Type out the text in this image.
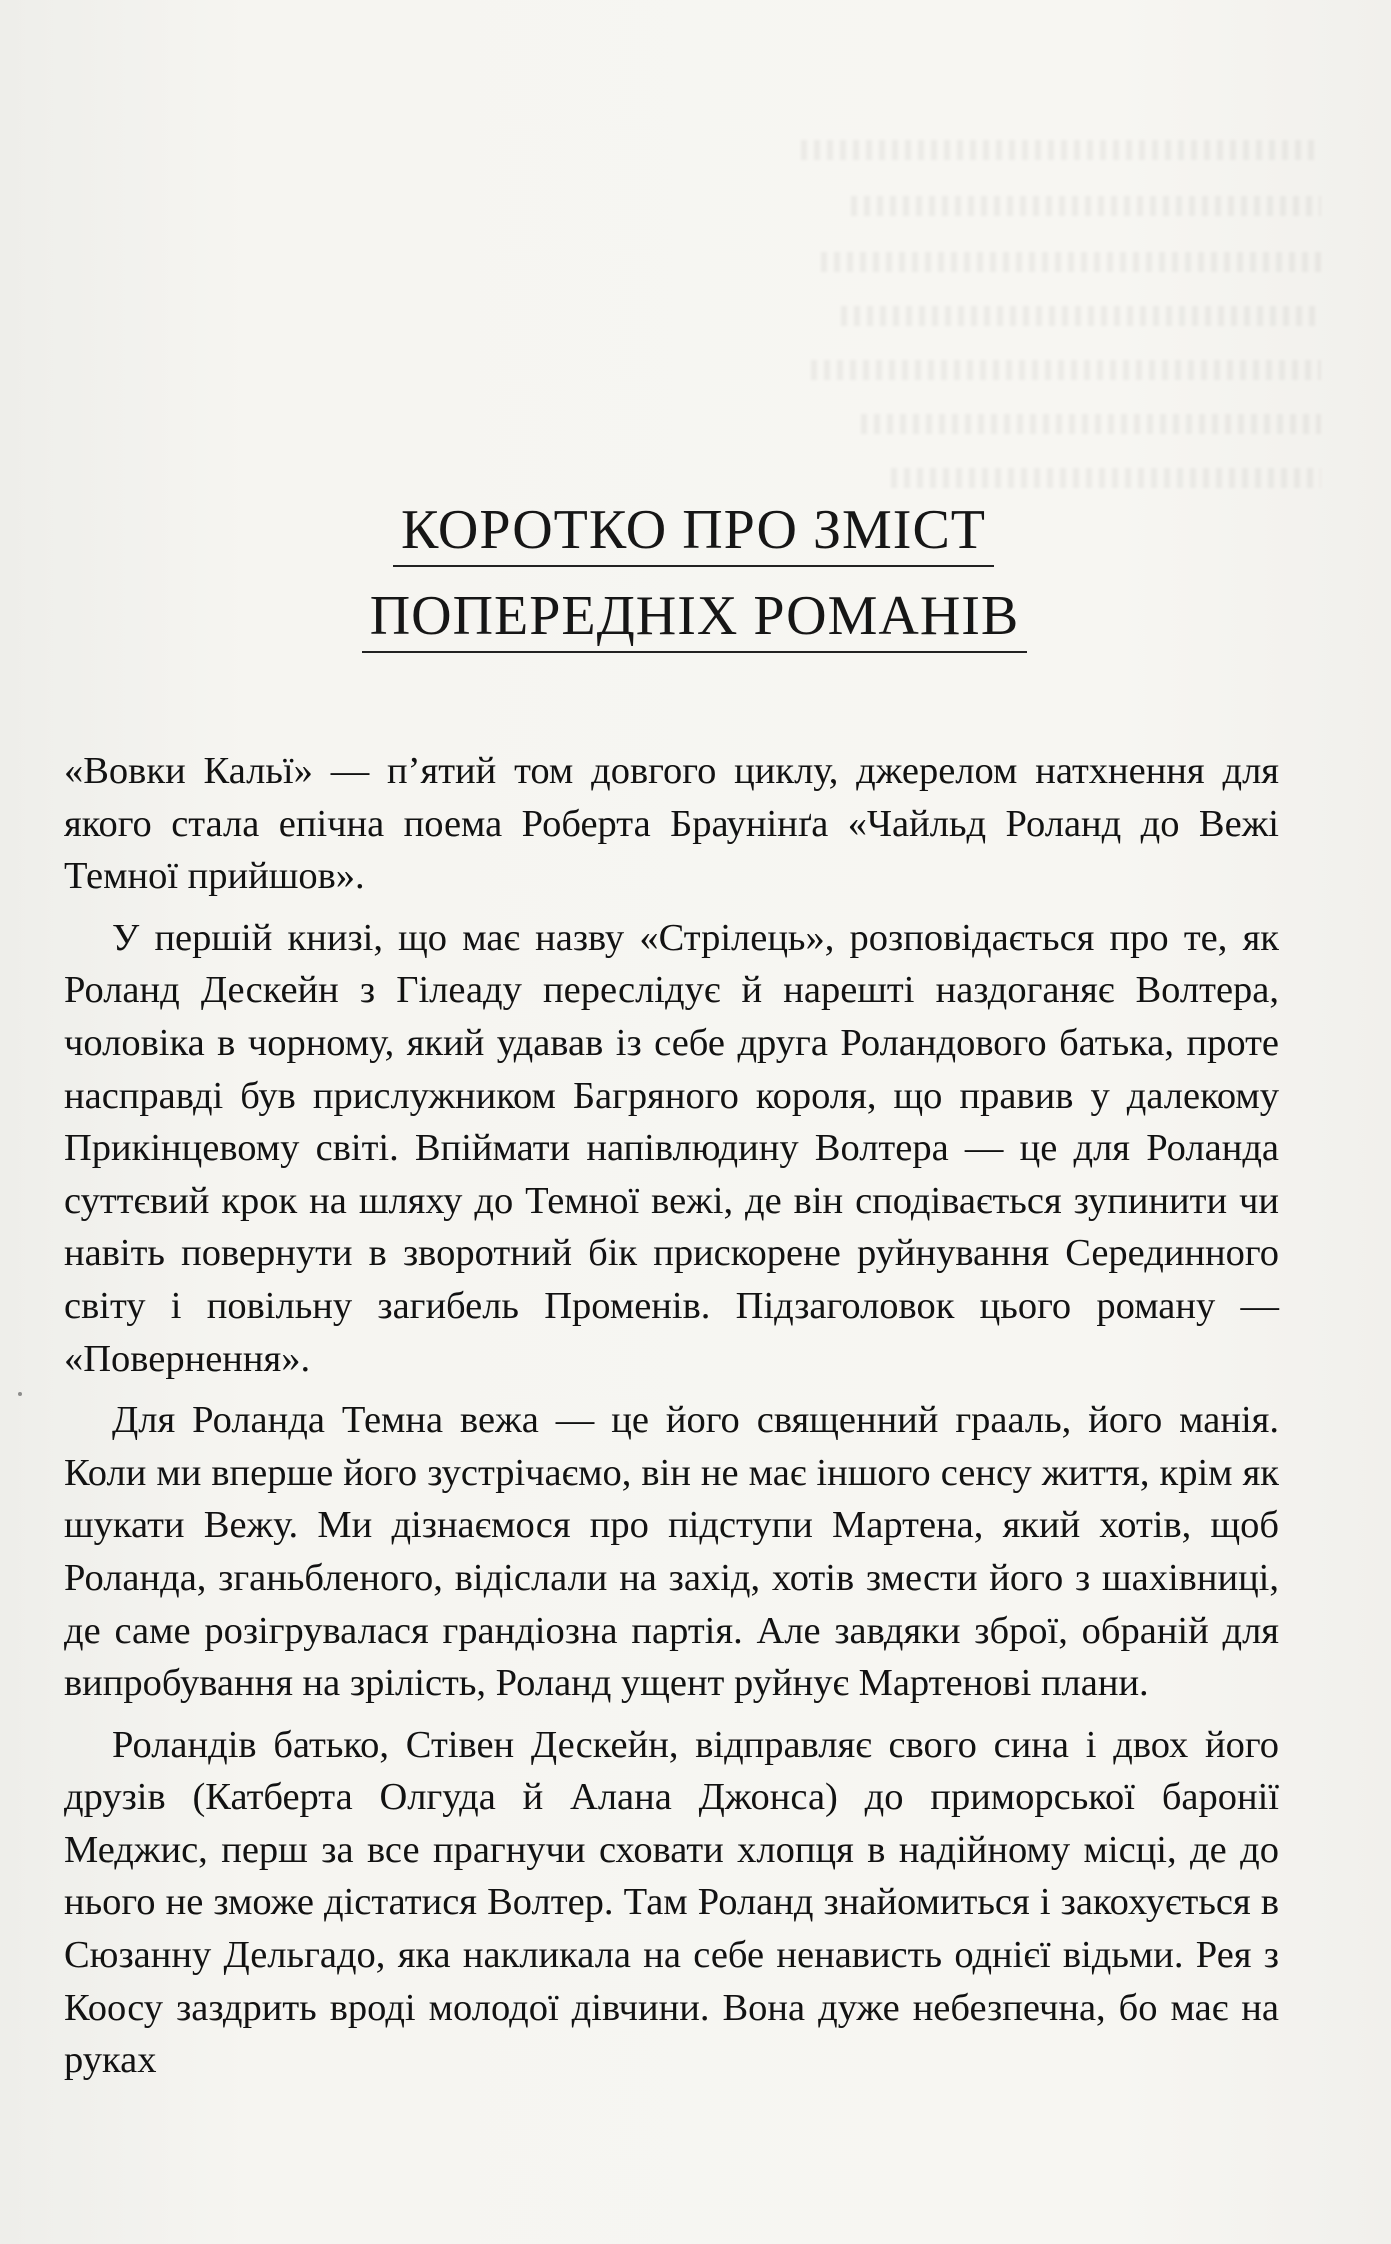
КОРОТКО ПРО ЗМІСТ
ПОПЕРЕДНІХ РОМАНІВ

«Вовки Кальї» — п’ятий том довгого циклу, джерелом натхнення для якого стала епічна поема Роберта Браунінґа «Чайльд Роланд до Вежі Темної прийшов».

У першій книзі, що має назву «Стрілець», розповідається про те, як Роланд Дескейн з Гілеаду переслідує й нарешті наздоганяє Волтера, чоловіка в чорному, який удавав із себе друга Роландового батька, проте насправді був прислужником Багряного короля, що правив у далекому Прикінцевому світі. Впіймати напівлюдину Волтера — це для Роланда суттєвий крок на шляху до Темної вежі, де він сподівається зупинити чи навіть повернути в зворотний бік прискорене руйнування Серединного світу і повільну загибель Променів. Підзаголовок цього роману — «Повернення».

Для Роланда Темна вежа — це його священний грааль, його манія. Коли ми вперше його зустрічаємо, він не має іншого сенсу життя, крім як шукати Вежу. Ми дізнаємося про підступи Мартена, який хотів, щоб Роланда, зганьбленого, відіслали на захід, хотів змести його з шахівниці, де саме розігрувалася грандіозна партія. Але завдяки зброї, обраній для випробування на зрілість, Роланд ущент руйнує Мартенові плани.

Роландів батько, Стівен Дескейн, відправляє свого сина і двох його друзів (Катберта Олгуда й Алана Джонса) до приморської баронії Меджис, перш за все прагнучи сховати хлопця в надійному місці, де до нього не зможе дістатися Волтер. Там Роланд знайомиться і закохується в Сюзанну Дельгадо, яка накликала на себе ненависть однієї відьми. Рея з Коосу заздрить вроді молодої дівчини. Вона дуже небезпечна, бо має на руках
